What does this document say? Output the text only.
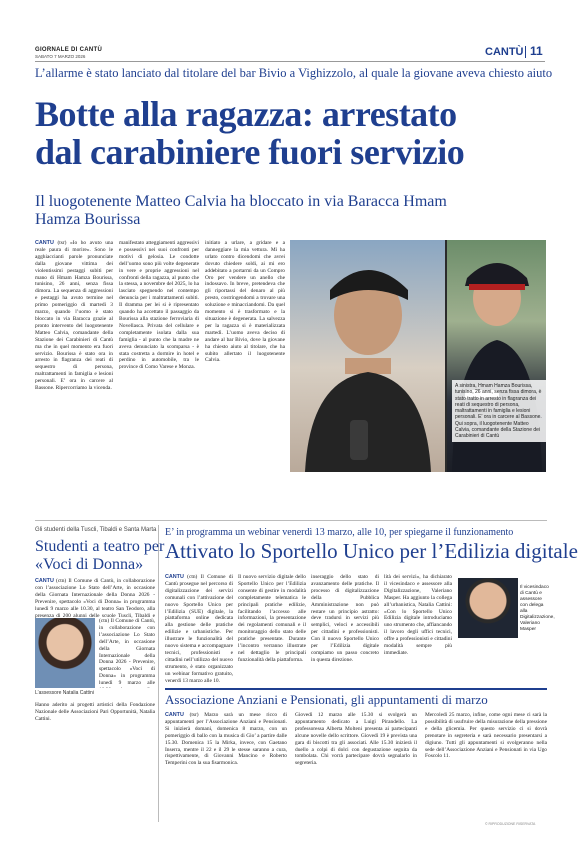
GIORNALE DI CANTÙ
SABATO 7 MARZO 2026	CANTÙ 11
L’allarme è stato lanciato dal titolare del bar Bivio a Vighizzolo, al quale la giovane aveva chiesto aiuto
Botte alla ragazza: arrestato
dal carabiniere fuori servizio
Il luogotenente Matteo Calvia ha bloccato in via Baracca Hmam Hamza Bourissa
CANTÙ (tsr) «Io ho avuto una reale paura di morire». Sono le agghiaccianti parole pronunciate dalla giovane vittima dei violentissimi pestaggi subiti per mano di Hmam Hamza Bourissa, tunisino, 26 anni, senza fissa dimora. La sequenza di aggressioni e pestaggi ha avuto termine nel primo pomeriggio di martedì 3 marzo, quando l’uomo è stato bloccato in via Baracca grazie al pronto intervento del luogotenente Matteo Calvia, comandante della Stazione dei Carabinieri di Cantù ma che in quel momento era fuori servizio. Bourissa è stato ora in arresto in flagranza dei reati di sequestro di persona, maltrattamenti in famiglia e lesioni personali. E’ ora in carcere al Bassone. Ripercorriamo la vicenda.
manifestato atteggiamenti aggressivi e possessivi nei suoi confronti per motivi di gelosia. Le condotte dell’uomo sono più volte degenerate in vere e proprie aggressioni nel confronti della ragazza, al punto che la stessa, a novembre del 2025, lo ha lasciato spegnendo nel contempo denuncia per i maltrattamenti subiti. Il dramma per lei si è ripresentato quando ha accettato il passaggio da Bourissa alla stazione ferroviaria di Novellasca. Privata del cellulare e completamente isolata dalla sua famiglia - al punto che la madre ne aveva denunciato la scomparsa - è stata costretta a dormire in hotel e perdino in automobile, tra le province di Como Varese e Monza.
initiato a urlare, a gridare e a danneggiare la mia vettura. Mi ha urlato contro dicendomi che avrei dovuto chiedere soldi, ai mi ero addebitato a portarmi da un Compro Oro per vendere un anello che indossavo. In breve, pretendeva che gli riportassi del denaro al più presto, costringendomi a trovare una soluzione e minacciandomi. Da quel momento si è trasformato e la situazione è degenerata. La salvezza per la ragazza si è materializzata martedì. L’uomo aveva deciso di andare al bar Bivio, dove la giovane ha chiesto aiuto al titolare, che ha subito allertato il luogotenente Calvia.
A sinistra, Hmam Hamza Bourissa, tunisino, 26 anni, senza fissa dimora, è stato tratto in arresto in flagranza dei reati di sequestro di persona, maltrattamenti in famiglia e lesioni personali. E’ ora in carcere al Bassone. Qui sopra, il luogotenente Matteo Calvia, comandante della Stazione dei Carabinieri di Cantù
Gli studenti della Tuscli, Tibaldi e Santa Marta
Studenti a teatro per «Voci di Donna»
CANTÙ (ctn) Il Comune di Cantù, in collaborazione con l’associazione Lo Stato dell’Arte, in occasione della Giornata Internazionale della Donna 2026 - Prevenire, spettacolo «Voci di Donna» in programma lunedì 9 marzo alle 10.30, al teatro San Teodoro, alla presenza di 200 alunni delle scuole Tuscli, Tibaldi e
L’assessore Natalia Cattini
(ctn) Il Comune di Cantù, in collaborazione con l’associazione Lo Stato dell’Arte, in occasione della Giornata Internazionale della Donna 2026 - Prevenire, spettacolo «Voci di Donna» in programma lunedì 9 marzo alle
Hanno aderito ai progetti artistici della Fondazione Nazionale delle Associazioni Pari Opportunità, Natalia Cattini.
E’ in programma un webinar venerdì 13 marzo, alle 10, per spiegarne il funzionamento
Attivato lo Sportello Unico per l’Edilizia digitale
CANTÙ (ctn) Il Comune di Cantù prosegue nel percorso di digitalizzazione dei servizi comunali con l’attivazione del nuovo Sportello Unico per l’Edilizia (SUE) digitale, la piattaforma online dedicata alla gestione delle pratiche edilizie e urbanistiche. Per illustrare le funzionalità del nuovo sistema e accompagnare tecnici, professionisti e cittadini nell’utilizzo del nuovo strumento, è stato organizzato un webinar formativo gratuito, venerdì 13 marzo alle 10.
Il nuovo servizio digitale dello Sportello Unico per l’Edilizia consente di gestire in modalità completamente telematica le principali pratiche edilizie, facilitando l’accesso alle informazioni, la presentazione dei regolamenti comunali e il monitoraggio dello stato delle pratiche presentate. Durante l’incontro verranno illustrate nel dettaglio le principali funzionalità della piattaforma.
inseraggio dello stato di avanzamento delle pratiche. Il processo di digitalizzazione della Pubblica Amministrazione non può restare un principio astratto: deve tradursi in servizi più semplici, veloci e accessibili per cittadini e professionisti. Con il nuovo Sportello Unico per l’Edilizia digitale compiamo un passo concreto in questa direzione.
lità dei servizi», ha dichiarato il vicesindaco e assessore alla Digitalizzazione, Valeriano Masper. Ha aggiunto la collega all’urbanistica, Natalia Cattini: «Con lo Sportello Unico Edilizia digitale introduciamo uno strumento che, affiancando il lavoro degli uffici tecnici, offre a professionisti e cittadini modalità sempre più immediate.
Il vicesindaco di Cantù e assessore con delega alla Digitalizzazione, Valeriano Masper
Associazione Anziani e Pensionati, gli appuntamenti di marzo
CANTÙ (tsr) Marzo sarà un mese ricco di appuntamenti per l’Associazione Anziani e Pensionati. Si inizierà domani, domenica 8 marzo, con un pomeriggio di ballo con la musica di Gio’ a partire dalle 15.30. Domenica 15 la Mirka, invece, con Gaetano Inserra, mentre il 22 e il 29 le stesse saranno a cura, rispettivamente, di Giovanni Mancino e Roberto Temperini con la sua fisarmonica.
Giovedì 12 marzo alle 15.30 si svolgerà un appuntamento dedicato a Luigi Pirandello. La professoressa Alberta Molteni presenta ai partecipanti alcune novelle dello scrittore. Giovedì 19 è prevista una gara di biscotti tra gli associati. Alle 15.30 inizierà il duello a colpi di dolci con degustazione seguita da tombolata. Chi vorrà partecipare dovrà segnalarlo in segreteria.
Mercoledì 25 marzo, infine, come ogni mese ci sarà la possibilità di usufruire della misurazione della pressione e della glicemia. Per questo servizio ci si dovrà prenotare in segreteria e sarà necessario presentarsi a digiuno. Tutti gli appuntamenti si svolgeranno nella sede dell’Associazione Anziani e Pensionati in via Ugo Foscolo 11.
© RIPRODUZIONE RISERVATA
